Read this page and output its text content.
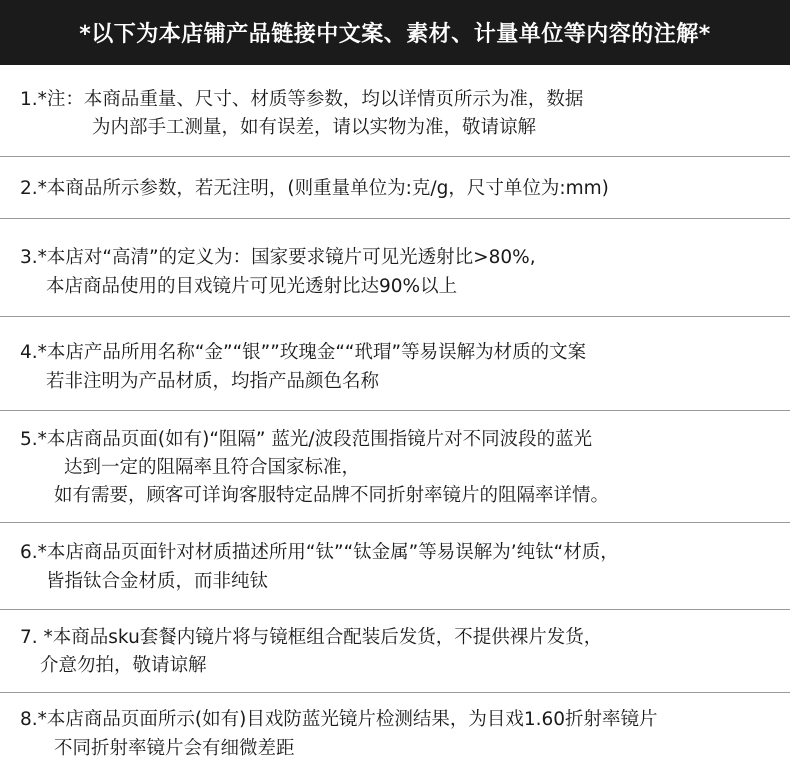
*以下为本店铺产品链接中文案、素材、计量单位等内容的注解*
1.*注：本商品重量、尺寸、材质等参数，均以详情页所示为准，数据
为内部手工测量，如有误差，请以实物为准，敬请谅解
2.*本商品所示参数，若无注明，(则重量单位为:克/g，尺寸单位为:mm)
3.*本店对“高清”的定义为：国家要求镜片可见光透射比>80%,
本店商品使用的目戏镜片可见光透射比达90%以上
4.*本店产品所用名称“金”“银””玫瑰金““玳瑁”等易误解为材质的文案
若非注明为产品材质，均指产品颜色名称
5.*本店商品页面(如有)“阻隔” 蓝光/波段范围指镜片对不同波段的蓝光
达到一定的阻隔率且符合国家标准，
如有需要，顾客可详询客服特定品牌不同折射率镜片的阻隔率详情。
6.*本店商品页面针对材质描述所用“钛”“钛金属”等易误解为’纯钛“材质，
皆指钛合金材质，而非纯钛
7. *本商品sku套餐内镜片将与镜框组合配装后发货，不提供裸片发货，
介意勿拍，敬请谅解
8.*本店商品页面所示(如有)目戏防蓝光镜片检测结果，为目戏1.60折射率镜片
不同折射率镜片会有细微差距
